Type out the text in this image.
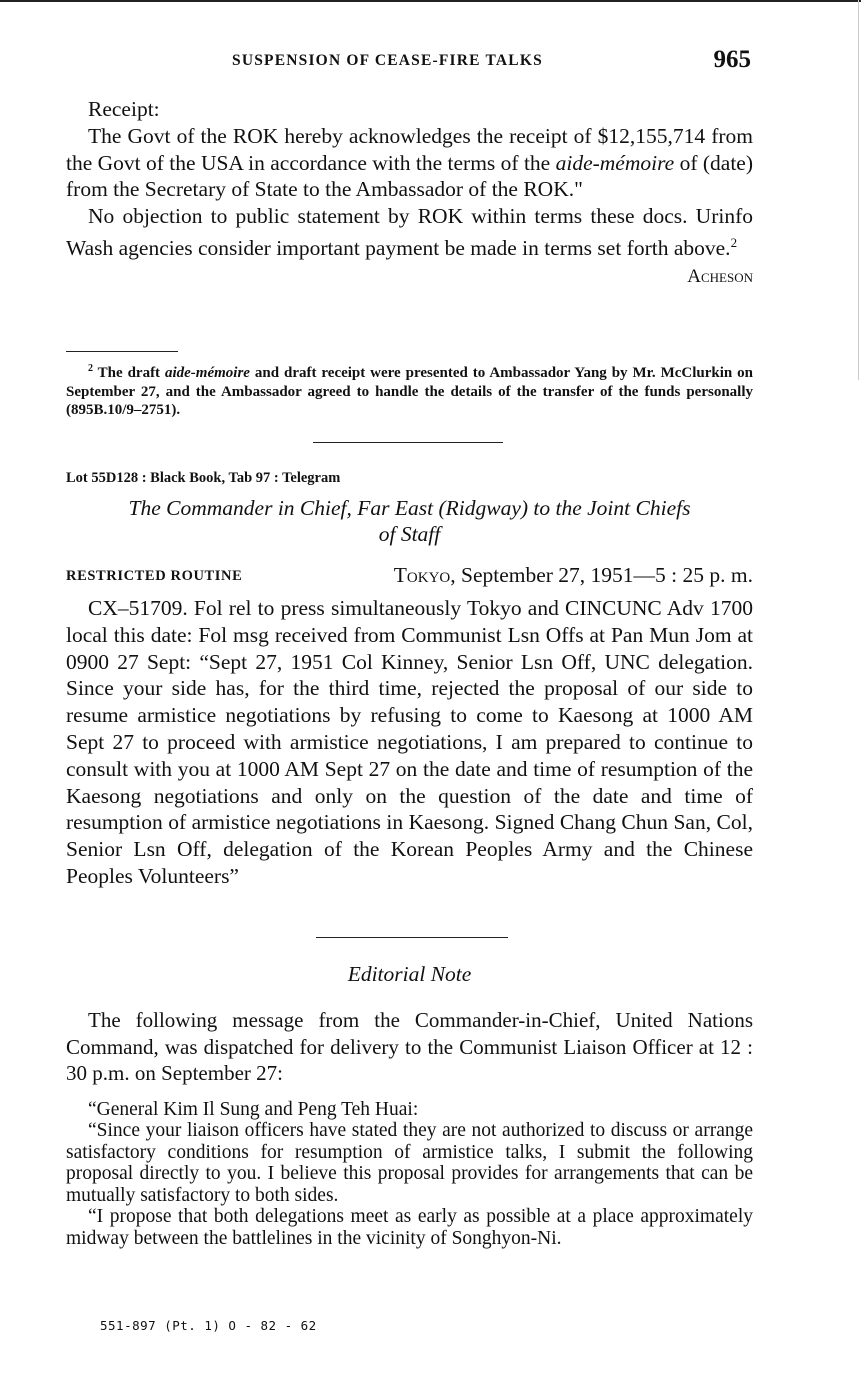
SUSPENSION OF CEASE-FIRE TALKS	965

Receipt:

The Govt of the ROK hereby acknowledges the receipt of $12,155,714 from the Govt of the USA in accordance with the terms of the aide-mémoire of (date) from the Secretary of State to the Ambassador of the ROK."

No objection to public statement by ROK within terms these docs. Urinfo Wash agencies consider important payment be made in terms set forth above.$^2$

Acheson

$^2$ The draft aide-mémoire and draft receipt were presented to Ambassador Yang by Mr. McClurkin on September 27, and the Ambassador agreed to handle the details of the transfer of the funds personally (895B.10/9–2751).

Lot 55D128 : Black Book, Tab 97 : Telegram
The Commander in Chief, Far East (Ridgway) to the Joint Chiefs
of Staff
RESTRICTED ROUTINE	Tokyo, September 27, 1951—5 : 25 p. m.

CX–51709. Fol rel to press simultaneously Tokyo and CINCUNC Adv 1700 local this date: Fol msg received from Communist Lsn Offs at Pan Mun Jom at 0900 27 Sept: “Sept 27, 1951 Col Kinney, Senior Lsn Off, UNC delegation. Since your side has, for the third time, rejected the proposal of our side to resume armistice negotiations by refusing to come to Kaesong at 1000 AM Sept 27 to proceed with armistice negotiations, I am prepared to continue to consult with you at 1000 AM Sept 27 on the date and time of resumption of the Kaesong negotiations and only on the question of the date and time of resumption of armistice negotiations in Kaesong. Signed Chang Chun San, Col, Senior Lsn Off, delegation of the Korean Peoples Army and the Chinese Peoples Volunteers”

Editorial Note

The following message from the Commander-in-Chief, United Nations Command, was dispatched for delivery to the Communist Liaison Officer at 12 : 30 p.m. on September 27:

“General Kim Il Sung and Peng Teh Huai:

“Since your liaison officers have stated they are not authorized to discuss or arrange satisfactory conditions for resumption of armistice talks, I submit the following proposal directly to you. I believe this proposal provides for arrangements that can be mutually satisfactory to both sides.

“I propose that both delegations meet as early as possible at a place approximately midway between the battlelines in the vicinity of Songhyon-Ni.

551-897 (Pt. 1) O - 82 - 62
